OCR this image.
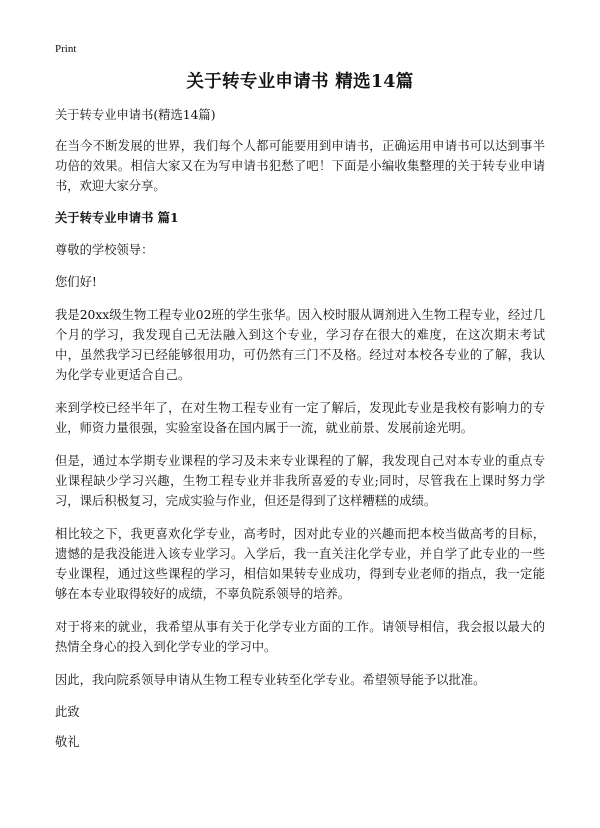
Print
关于转专业申请书 精选14篇
关于转专业申请书(精选14篇)
在当今不断发展的世界，我们每个人都可能要用到申请书，正确运用申请书可以达到事半功倍的效果。相信大家又在为写申请书犯愁了吧！下面是小编收集整理的关于转专业申请书，欢迎大家分享。
关于转专业申请书 篇1
尊敬的学校领导：
您们好!
我是20xx级生物工程专业02班的学生张华。因入校时服从调剂进入生物工程专业，经过几个月的学习，我发现自己无法融入到这个专业，学习存在很大的难度，在这次期末考试中，虽然我学习已经能够很用功，可仍然有三门不及格。经过对本校各专业的了解，我认为化学专业更适合自己。
来到学校已经半年了，在对生物工程专业有一定了解后，发现此专业是我校有影响力的专业，师资力量很强，实验室设备在国内属于一流，就业前景、发展前途光明。
但是，通过本学期专业课程的学习及未来专业课程的了解，我发现自己对本专业的重点专业课程缺少学习兴趣，生物工程专业并非我所喜爱的专业;同时，尽管我在上课时努力学习，课后积极复习，完成实验与作业，但还是得到了这样糟糕的成绩。
相比较之下，我更喜欢化学专业，高考时，因对此专业的兴趣而把本校当做高考的目标，遗憾的是我没能进入该专业学习。入学后，我一直关注化学专业，并自学了此专业的一些专业课程，通过这些课程的学习，相信如果转专业成功，得到专业老师的指点，我一定能够在本专业取得较好的成绩，不辜负院系领导的培养。
对于将来的就业，我希望从事有关于化学专业方面的工作。请领导相信，我会报以最大的热情全身心的投入到化学专业的学习中。
因此，我向院系领导申请从生物工程专业转至化学专业。希望领导能予以批准。
此致
敬礼
